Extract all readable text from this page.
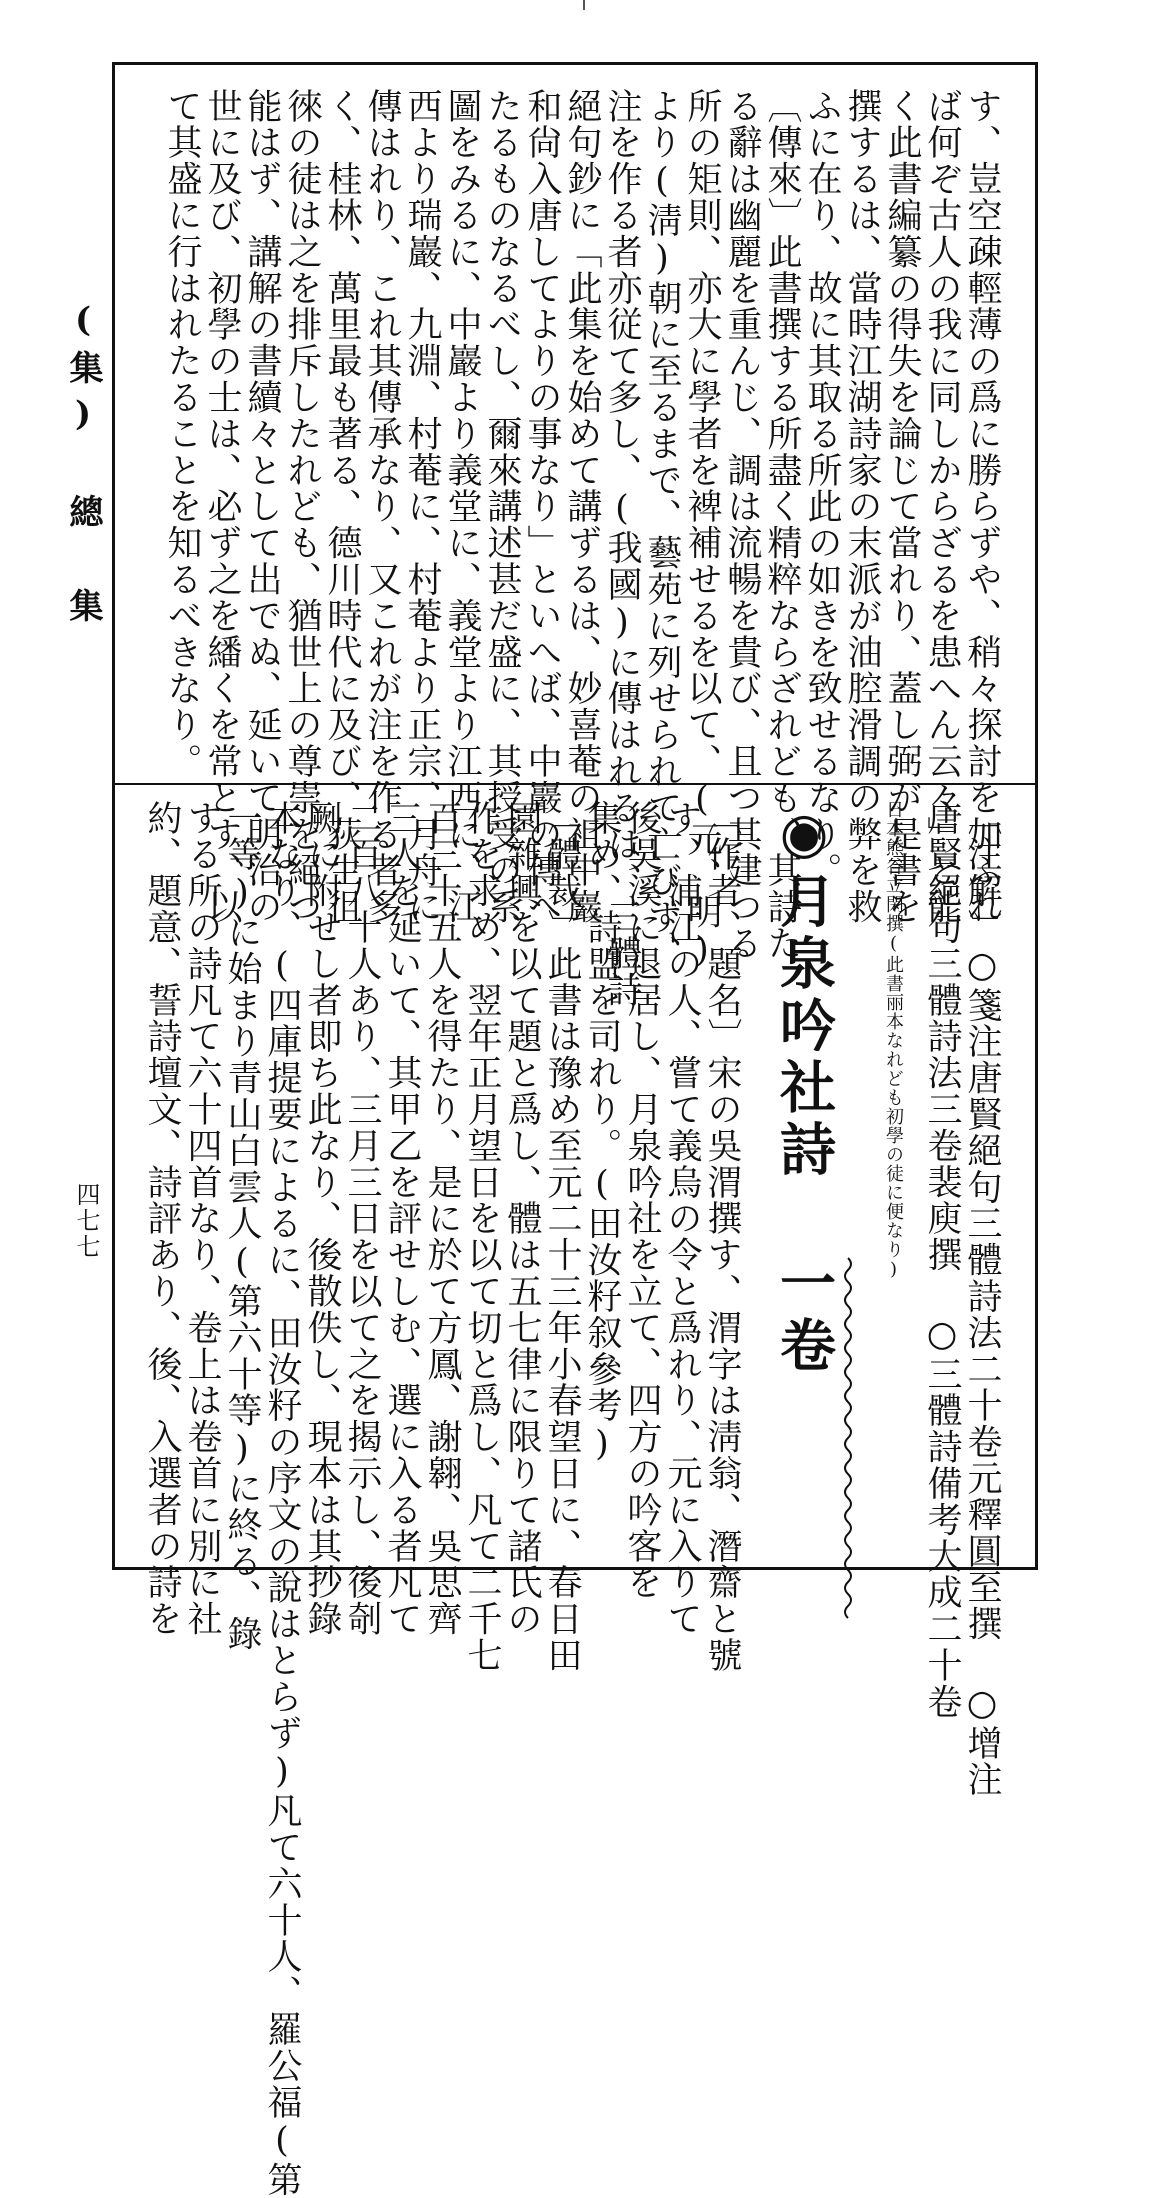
(集) 總 集
四七七
す、豈空疎輕薄の爲に勝らずや、稍々探討を加ふれ
ば何ぞ古人の我に同しからざるを患へん云々」と能
く此書編纂の得失を論じて當れり、蓋し弼が是書を
撰するは、當時江湖詩家の末派が油腔滑調の弊を救
ふに在り、故に其取る所此の如きを致せるなり。
〔傳來〕此書撰する所盡く精粹ならざれども、其詩た
る辭は幽麗を重んじ、調は流暢を貴び、且つ其建つる
所の矩則、亦大に學者を裨補せるを以て、(元、明)
より(淸)朝に至るまで、藝苑に列せられて亡びず、
注を作る者亦従て多し、(我國)に傳はれるは、三體詩
絕句鈔に「此集を始めて講ずるは、妙喜菴の祖中巖
和尙入唐してよりの事なり」といへば、中巖の傳へ
たるものなるべし、爾來講述甚だ盛に、其授受の系
圖をみるに、中巖より義堂に、義堂より江西に、江
西より瑞巖、九淵、村菴に、村菴より正宗、月舟に
傳はれり、これ其傳承なり、又これが注を作る者多
く、桂林、萬里最も著る、德川時代に及び、荻生徂
徠の徒は之を排斥したれども、猶世上の尊崇を絕つ
能はず、講解の書續々として出でぬ、延いて明治の
世に及び、初學の士は、必ず之を繙くを常とす、以
て其盛に行はれたることを知るべきなり。
〔注解〕○箋注唐賢絕句三體詩法二十卷元釋圓至撰 ○增注
唐賢絕句三體詩法三卷裴庾撰 ○三體詩備考大成二十卷
日本熊谷立閑撰(此書丽本なれども初學の徒に便なり)
◉月泉吟社詩 一卷
〔作者、題名〕宋の吳渭撰す、渭字は淸翁、潛齋と號
す、浦江の人、嘗て義烏の令と爲れり、元に入りて
後吳溪に退居し、月泉吟社を立て、四方の吟客を
集め、詩盟を司れり。(田汝籽叙參考)
〔體裁〕此書は豫め至元二十三年小春望日に、春日田
園雜興を以て題と爲し、體は五七律に限りて諸氏の
作を求め、翌年正月望日を以て切と爲し、凡て二千七
百三十五人を得たり、是に於て方鳳、謝翱、吳思齊
三人を延いて、其甲乙を評せしむ、選に入る者凡て
二百八十人あり、三月三日を以て之を揭示し、後剞
劂に附せし者即ち此なり、後散佚し、現本は其抄錄
本なり、(四庫提要によるに、田汝籽の序文の說はとらず)凡て六十人、羅公福(第
一等)に始まり青山白雲人(第六十等)に終る、錄
する所の詩凡て六十四首なり、卷上は卷首に別に社
約、題意、誓詩壇文、詩評あり、後、入選者の詩を
